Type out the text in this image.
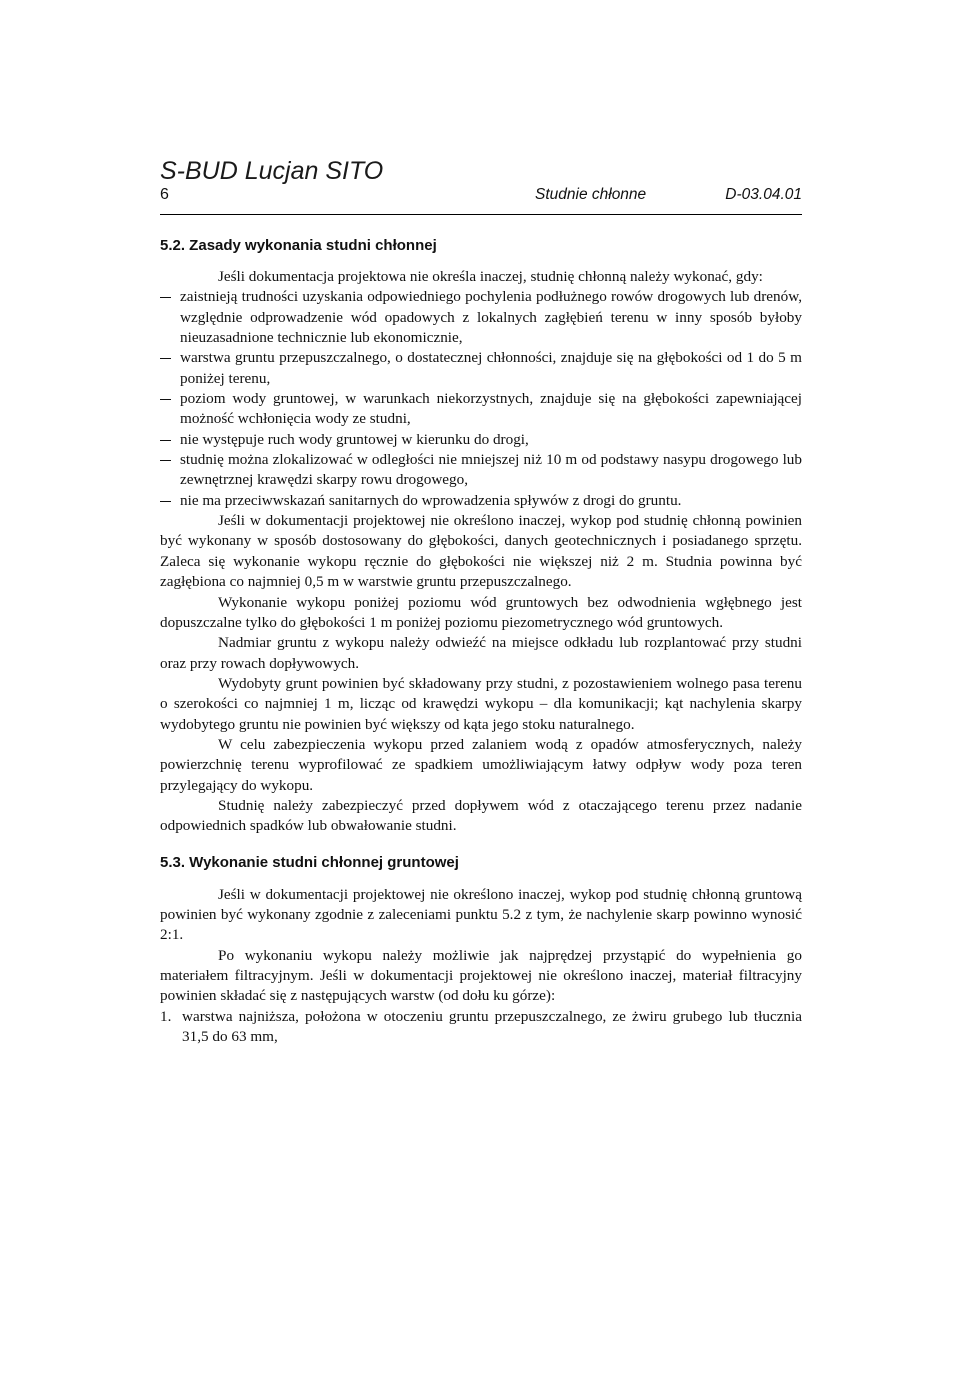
S-BUD Lucjan SITO
6	Studnie chłonne	D-03.04.01
5.2. Zasady wykonania studni chłonnej

Jeśli dokumentacja projektowa nie określa inaczej, studnię chłonną należy wykonać, gdy:

zaistnieją trudności uzyskania odpowiedniego pochylenia podłużnego rowów drogowych lub drenów, względnie odprowadzenie wód opadowych z lokalnych zagłębień terenu w inny sposób byłoby nieuzasadnione technicznie lub ekonomicznie,

warstwa gruntu przepuszczalnego, o dostatecznej chłonności, znajduje się na głębokości od 1 do 5 m poniżej terenu,

poziom wody gruntowej, w warunkach niekorzystnych, znajduje się na głębokości zapewniającej możność wchłonięcia wody ze studni,

nie występuje ruch wody gruntowej w kierunku do drogi,

studnię można zlokalizować w odległości nie mniejszej niż 10 m od podstawy nasypu drogowego lub zewnętrznej krawędzi skarpy rowu drogowego,

nie ma przeciwwskazań sanitarnych do wprowadzenia spływów z drogi do gruntu.

Jeśli w dokumentacji projektowej nie określono inaczej, wykop pod studnię chłonną powinien być wykonany w sposób dostosowany do głębokości, danych geotechnicznych i posiadanego sprzętu. Zaleca się wykonanie wykopu ręcznie do głębokości nie większej niż 2 m. Studnia powinna być zagłębiona co najmniej 0,5 m w warstwie gruntu przepuszczalnego.

Wykonanie wykopu poniżej poziomu wód gruntowych bez odwodnienia wgłębnego jest dopuszczalne tylko do głębokości 1 m poniżej poziomu piezometrycznego wód gruntowych.

Nadmiar gruntu z wykopu należy odwieźć na miejsce odkładu lub rozplantować przy studni oraz przy rowach dopływowych.

Wydobyty grunt powinien być składowany przy studni, z pozostawieniem wolnego pasa terenu o szerokości co najmniej 1 m, licząc od krawędzi wykopu – dla komunikacji; kąt nachylenia skarpy wydobytego gruntu nie powinien być większy od kąta jego stoku naturalnego.

W celu zabezpieczenia wykopu przed zalaniem wodą z opadów atmosferycznych, należy powierzchnię terenu wyprofilować ze spadkiem umożliwiającym łatwy odpływ wody poza teren przylegający do wykopu.

Studnię należy zabezpieczyć przed dopływem wód z otaczającego terenu przez nadanie odpowiednich spadków lub obwałowanie studni.

5.3. Wykonanie studni chłonnej gruntowej

Jeśli w dokumentacji projektowej nie określono inaczej, wykop pod studnię chłonną gruntową powinien być wykonany zgodnie z zaleceniami punktu 5.2 z tym, że nachylenie skarp powinno wynosić 2:1.

Po wykonaniu wykopu należy możliwie jak najprędzej przystąpić do wypełnienia go materiałem filtracyjnym. Jeśli w dokumentacji projektowej nie określono inaczej, materiał filtracyjny powinien składać się z następujących warstw (od dołu ku górze):

1. warstwa najniższa, położona w otoczeniu gruntu przepuszczalnego, ze żwiru grubego lub tłucznia 31,5 do 63 mm,
